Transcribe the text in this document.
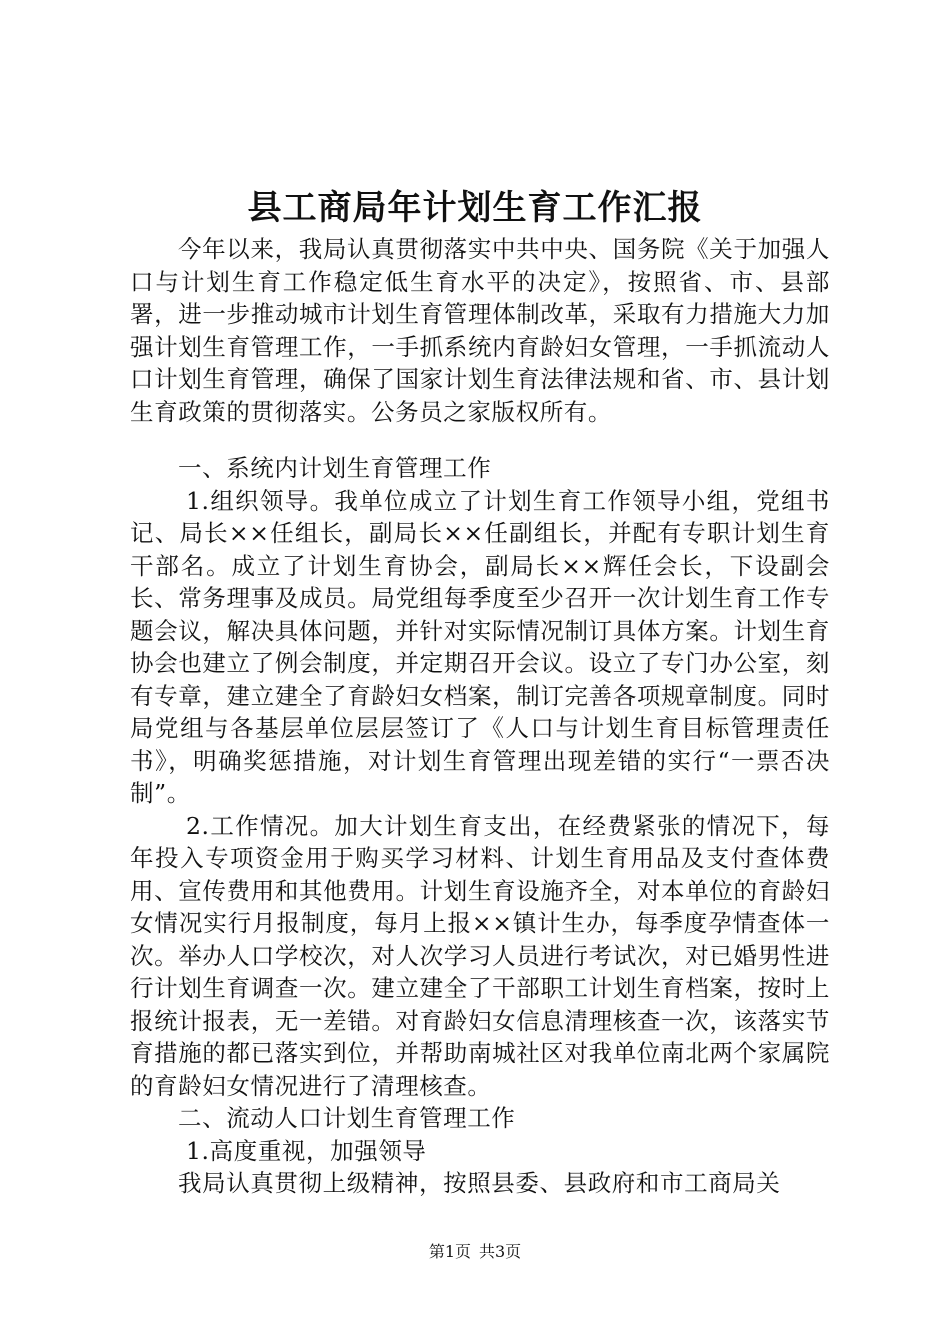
县工商局年计划生育工作汇报

今年以来，我局认真贯彻落实中共中央、国务院《关于加强人口与计划生育工作稳定低生育水平的决定》，按照省、市、县部署，进一步推动城市计划生育管理体制改革，采取有力措施大力加强计划生育管理工作，一手抓系统内育龄妇女管理，一手抓流动人口计划生育管理，确保了国家计划生育法律法规和省、市、县计划生育政策的贯彻落实。公务员之家版权所有。

一、系统内计划生育管理工作

1.组织领导。我单位成立了计划生育工作领导小组，党组书记、局长××任组长，副局长××任副组长，并配有专职计划生育干部名。成立了计划生育协会，副局长××辉任会长，下设副会长、常务理事及成员。局党组每季度至少召开一次计划生育工作专题会议，解决具体问题，并针对实际情况制订具体方案。计划生育协会也建立了例会制度，并定期召开会议。设立了专门办公室，刻有专章，建立建全了育龄妇女档案，制订完善各项规章制度。同时局党组与各基层单位层层签订了《人口与计划生育目标管理责任书》，明确奖惩措施，对计划生育管理出现差错的实行“一票否决制”。

2.工作情况。加大计划生育支出，在经费紧张的情况下，每年投入专项资金用于购买学习材料、计划生育用品及支付查体费用、宣传费用和其他费用。计划生育设施齐全，对本单位的育龄妇女情况实行月报制度，每月上报××镇计生办，每季度孕情查体一次。举办人口学校次，对人次学习人员进行考试次，对已婚男性进行计划生育调查一次。建立建全了干部职工计划生育档案，按时上报统计报表，无一差错。对育龄妇女信息清理核查一次，该落实节育措施的都已落实到位，并帮助南城社区对我单位南北两个家属院的育龄妇女情况进行了清理核查。

二、流动人口计划生育管理工作

1.高度重视，加强领导

我局认真贯彻上级精神，按照县委、县政府和市工商局关

第1页 共3页
